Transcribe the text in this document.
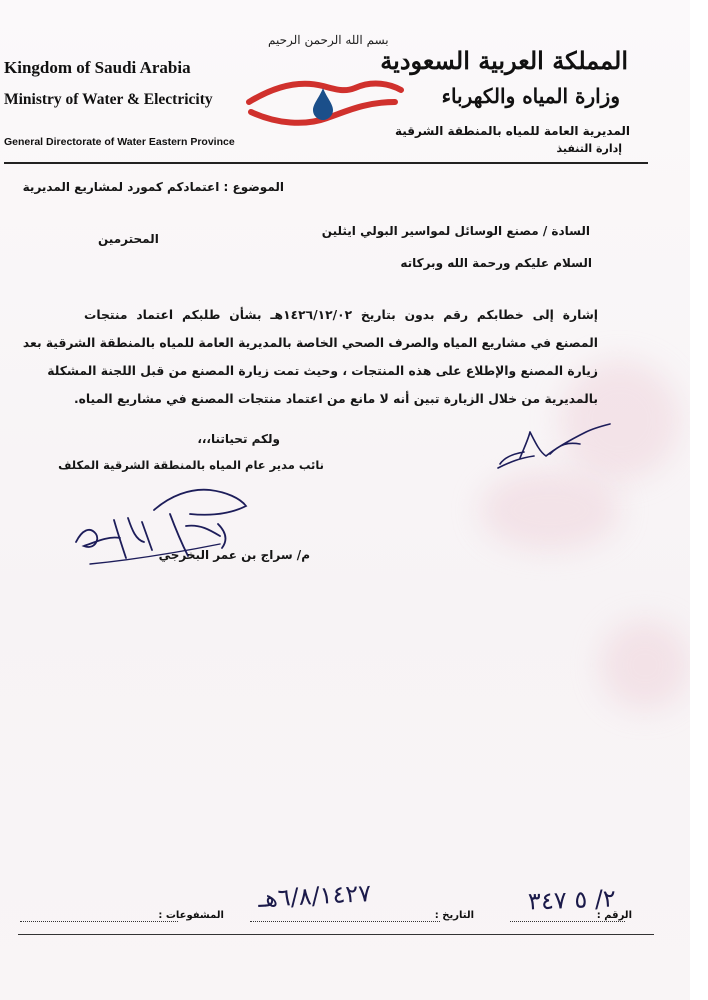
Kingdom of Saudi Arabia
Ministry of Water & Electricity
General Directorate of Water Eastern Province
بسم الله الرحمن الرحيم
المملكة العربية السعودية
وزارة المياه والكهرباء
المديرية العامة للمياه بالمنطقة الشرقية
إدارة التنفيذ
الموضوع : اعتمادكم كمورد لمشاريع المديرية
السادة / مصنع الوسائل لمواسير البولي ايثلين
المحترمين
السلام عليكم ورحمة الله وبركاته
إشارة إلى خطابكم رقم بدون بتاريخ ١٤٢٦/١٢/٠٢هـ بشأن طلبكم اعتماد منتجات
المصنع في مشاريع المياه والصرف الصحي الخاصة بالمديرية العامة للمياه بالمنطقة الشرقية بعد
زيارة المصنع والإطلاع على هذه المنتجات ، وحيث تمت زيارة المصنع من قبل اللجنة المشكلة
بالمديرية من خلال الزيارة تبين أنه لا مانع من اعتماد منتجات المصنع في مشاريع المياه.
ولكم تحياتنا،،،
نائب مدير عام المياه بالمنطقة الشرقية المكلف
م/ سراج بن عمر البخرجي
٢/ ٥ ٣٤٧
٦/٨/١٤٢٧هـ
الرقم :
التاريخ :
المشفوعات :
